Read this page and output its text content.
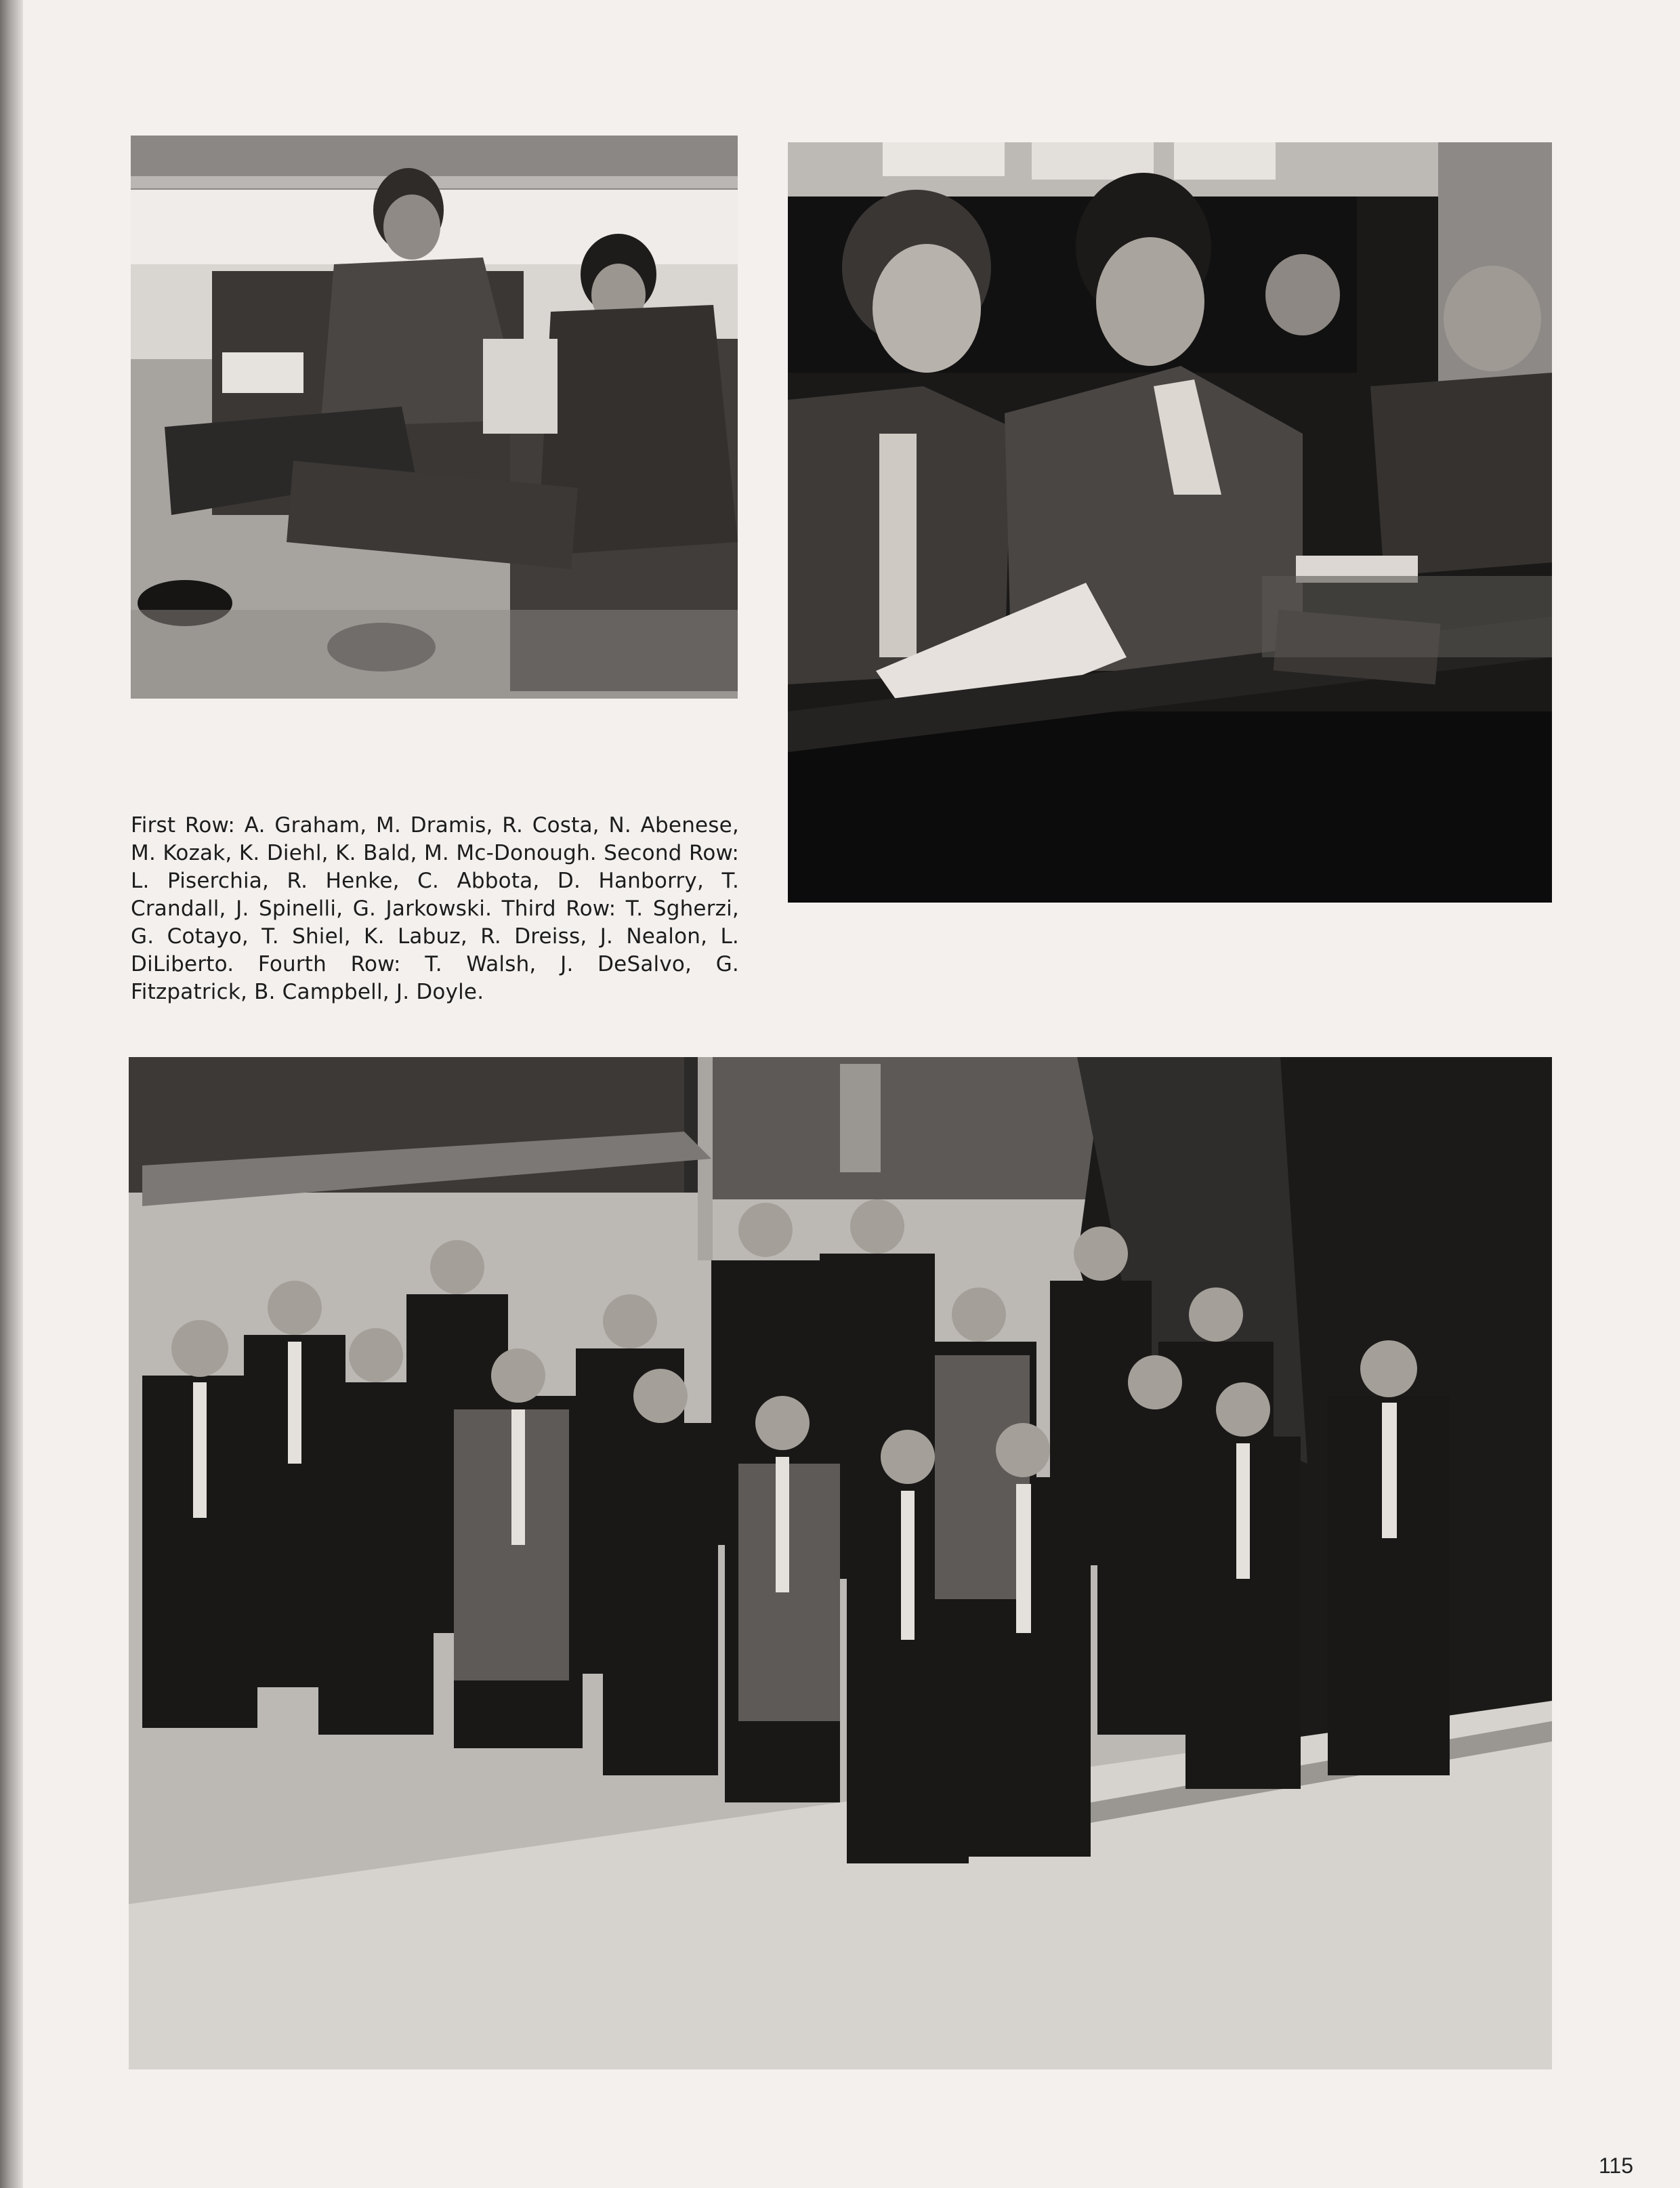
First Row: A. Graham, M. Dramis, R. Costa, N. Abenese, M. Kozak, K. Diehl, K. Bald, M. Mc-Donough. Second Row: L. Piserchia, R. Henke, C. Abbota, D. Hanborry, T. Crandall, J. Spinelli, G. Jarkowski. Third Row: T. Sgherzi, G. Cotayo, T. Shiel, K. Labuz, R. Dreiss, J. Nealon, L. DiLiberto. Fourth Row: T. Walsh, J. DeSalvo, G. Fitzpatrick, B. Campbell, J. Doyle.
115
